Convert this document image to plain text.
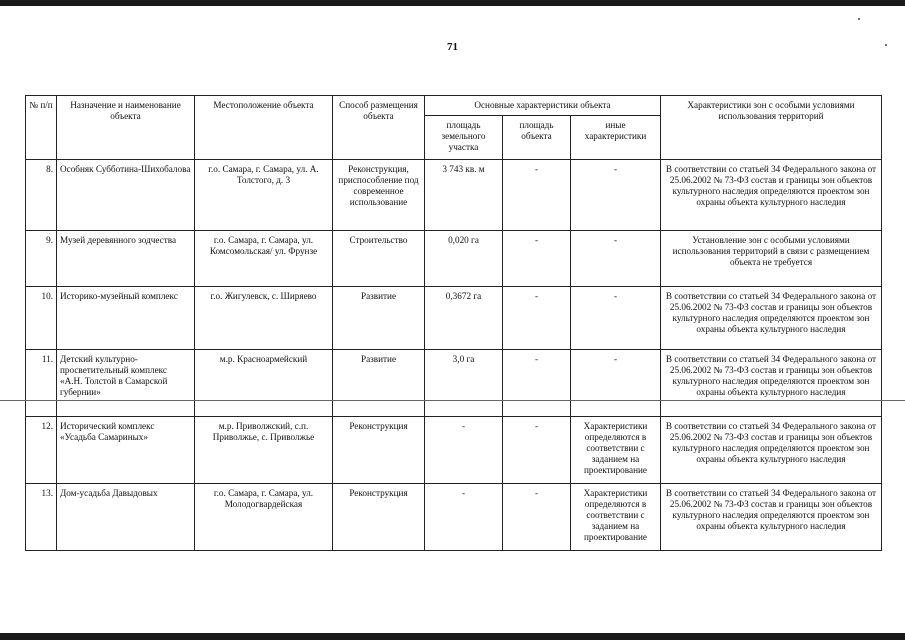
71
№ п/п	Назначение и наименование объекта	Местоположение объекта	Способ размещения объекта	Основные характеристики объекта			Характеристики зон с особыми условиями использования территорий
				площадь земельного участка	площадь объекта	иные характеристики	
8.	Особняк Субботина-Шихобалова	г.о. Самара, г. Самара, ул. А. Толстого, д. 3	Реконструкция, приспособление под современное использование	3 743 кв. м	-	-	В соответствии со статьей 34 Федерального закона от 25.06.2002 № 73-ФЗ состав и границы зон объектов культурного наследия определяются проектом зон охраны объекта культурного наследия
9.	Музей деревянного зодчества	г.о. Самара, г. Самара, ул. Комсомольская/ ул. Фрунзе	Строительство	0,020 га	-	-	Установление зон с особыми условиями использования территорий в связи с размещением объекта не требуется
10.	Историко-музейный комплекс	г.о. Жигулевск, с. Ширяево	Развитие	0,3672 га	-	-	В соответствии со статьей 34 Федерального закона от 25.06.2002 № 73-ФЗ состав и границы зон объектов культурного наследия определяются проектом зон охраны объекта культурного наследия
11.	Детский культурно-просветительный комплекс «А.Н. Толстой в Самарской губернии»	м.р. Красноармейский	Развитие	3,0 га	-	-	В соответствии со статьей 34 Федерального закона от 25.06.2002 № 73-ФЗ состав и границы зон объектов культурного наследия определяются проектом зон охраны объекта культурного наследия
12.	Исторический комплекс «Усадьба Самариных»	м.р. Приволжский, с.п. Приволжье, с. Приволжье	Реконструкция	-	-	Характеристики определяются в соответствии с заданием на проектирование	В соответствии со статьей 34 Федерального закона от 25.06.2002 № 73-ФЗ состав и границы зон объектов культурного наследия определяются проектом зон охраны объекта культурного наследия
13.	Дом-усадьба Давыдовых	г.о. Самара, г. Самара, ул. Молодогвардейская	Реконструкция	-	-	Характеристики определяются в соответствии с заданием на проектирование	В соответствии со статьей 34 Федерального закона от 25.06.2002 № 73-ФЗ состав и границы зон объектов культурного наследия определяются проектом зон охраны объекта культурного наследия
